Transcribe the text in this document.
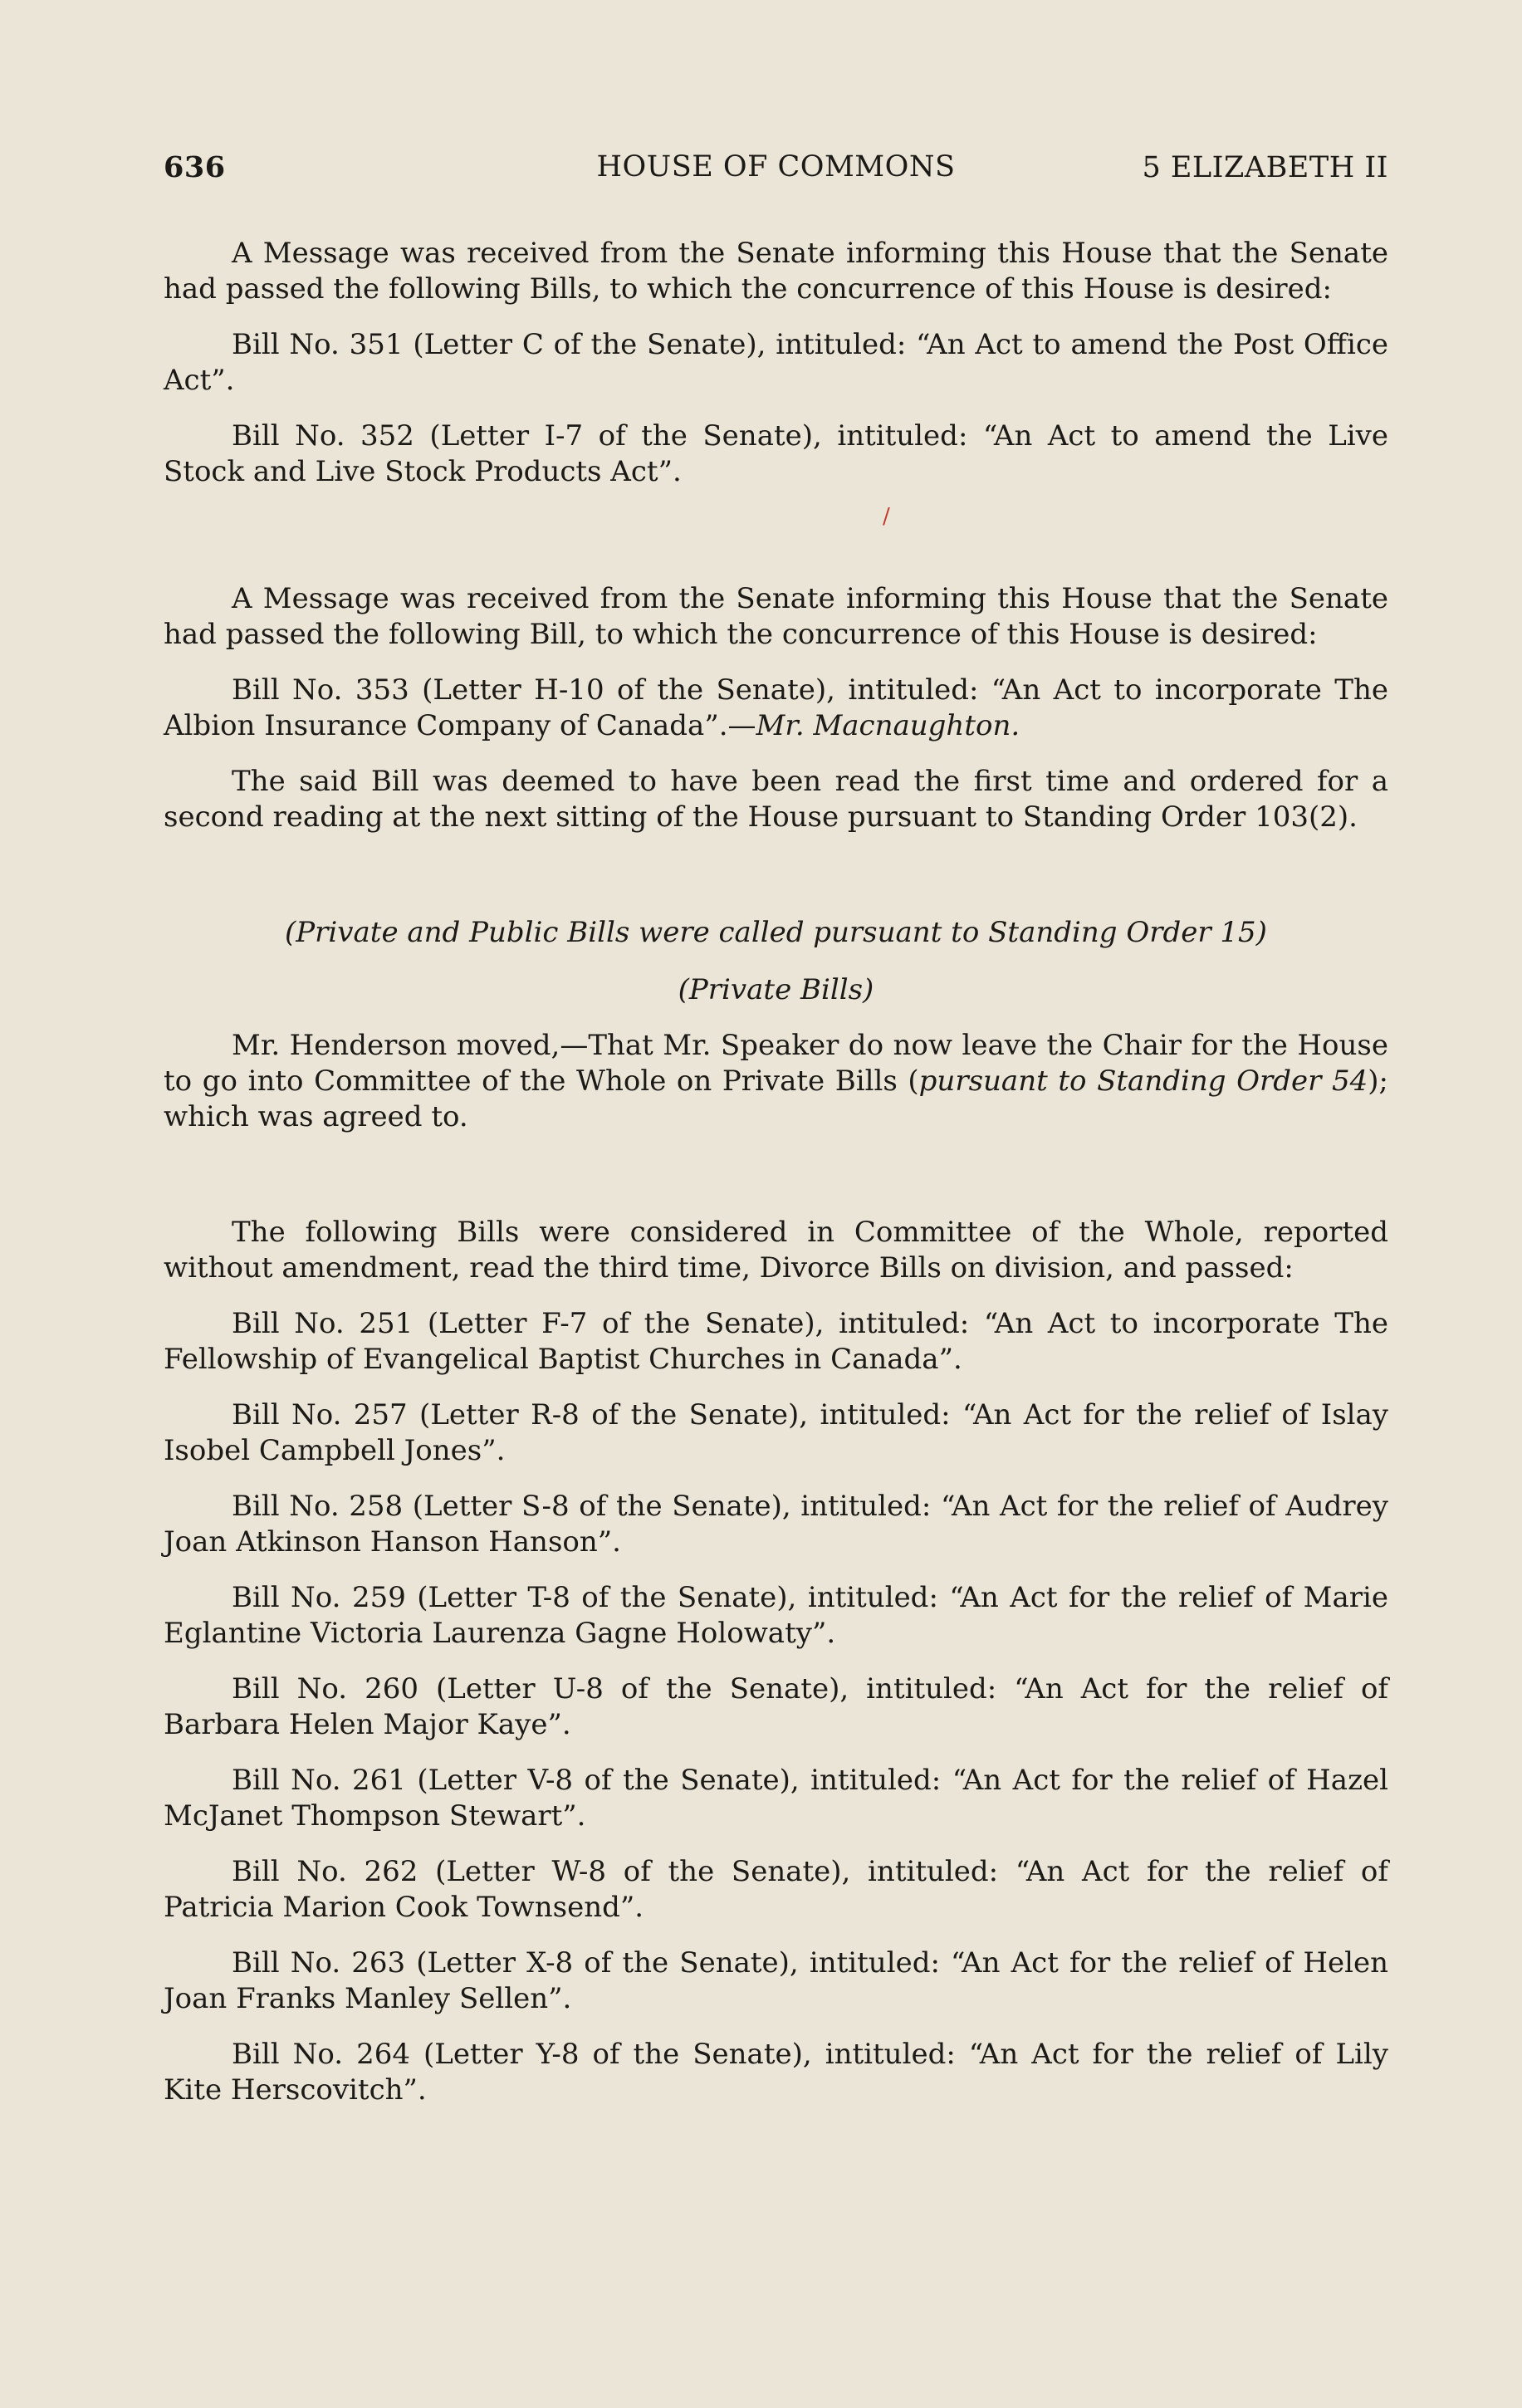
/
636	HOUSE OF COMMONS	5 ELIZABETH II

A Message was received from the Senate informing this House that the Senate had passed the following Bills, to which the concurrence of this House is desired:

Bill No. 351 (Letter C of the Senate), intituled: “An Act to amend the Post Office Act”.

Bill No. 352 (Letter I-7 of the Senate), intituled: “An Act to amend the Live Stock and Live Stock Products Act”.

A Message was received from the Senate informing this House that the Senate had passed the following Bill, to which the concurrence of this House is desired:

Bill No. 353 (Letter H-10 of the Senate), intituled: “An Act to incorporate The Albion Insurance Company of Canada”.—Mr. Macnaughton.

The said Bill was deemed to have been read the first time and ordered for a second reading at the next sitting of the House pursuant to Standing Order 103(2).

(Private and Public Bills were called pursuant to Standing Order 15)

(Private Bills)

Mr. Henderson moved,—That Mr. Speaker do now leave the Chair for the House to go into Committee of the Whole on Private Bills (pursuant to Standing Order 54); which was agreed to.

The following Bills were considered in Committee of the Whole, reported without amendment, read the third time, Divorce Bills on division, and passed:

Bill No. 251 (Letter F-7 of the Senate), intituled: “An Act to incorporate The Fellowship of Evangelical Baptist Churches in Canada”.

Bill No. 257 (Letter R-8 of the Senate), intituled: “An Act for the relief of Islay Isobel Campbell Jones”.

Bill No. 258 (Letter S-8 of the Senate), intituled: “An Act for the relief of Audrey Joan Atkinson Hanson Hanson”.

Bill No. 259 (Letter T-8 of the Senate), intituled: “An Act for the relief of Marie Eglantine Victoria Laurenza Gagne Holowaty”.

Bill No. 260 (Letter U-8 of the Senate), intituled: “An Act for the relief of Barbara Helen Major Kaye”.

Bill No. 261 (Letter V-8 of the Senate), intituled: “An Act for the relief of Hazel McJanet Thompson Stewart”.

Bill No. 262 (Letter W-8 of the Senate), intituled: “An Act for the relief of Patricia Marion Cook Townsend”.

Bill No. 263 (Letter X-8 of the Senate), intituled: “An Act for the relief of Helen Joan Franks Manley Sellen”.

Bill No. 264 (Letter Y-8 of the Senate), intituled: “An Act for the relief of Lily Kite Herscovitch”.
